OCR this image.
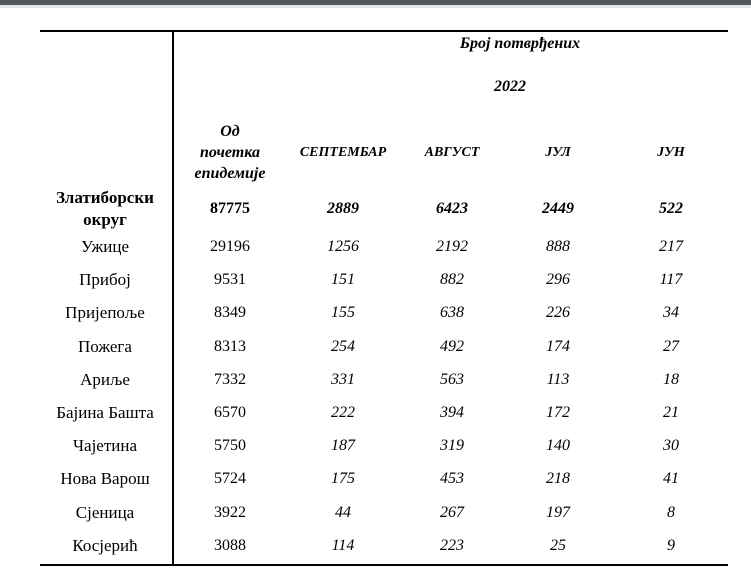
Број потврђених
2022
Од
почетка
епидемије
СЕПТЕМБАР	АВГУСТ	ЈУЛ	ЈУН
Златиборски
округ
87775	2889	6423	2449	522
Ужице	29196	1256	2192	888	217
Прибој	9531	151	882	296	117
Пријепоље	8349	155	638	226	34
Пожега	8313	254	492	174	27
Ариље	7332	331	563	113	18
Бајина Башта	6570	222	394	172	21
Чајетина	5750	187	319	140	30
Нова Варош	5724	175	453	218	41
Сјеница	3922	44	267	197	8
Косјерић	3088	114	223	25	9
